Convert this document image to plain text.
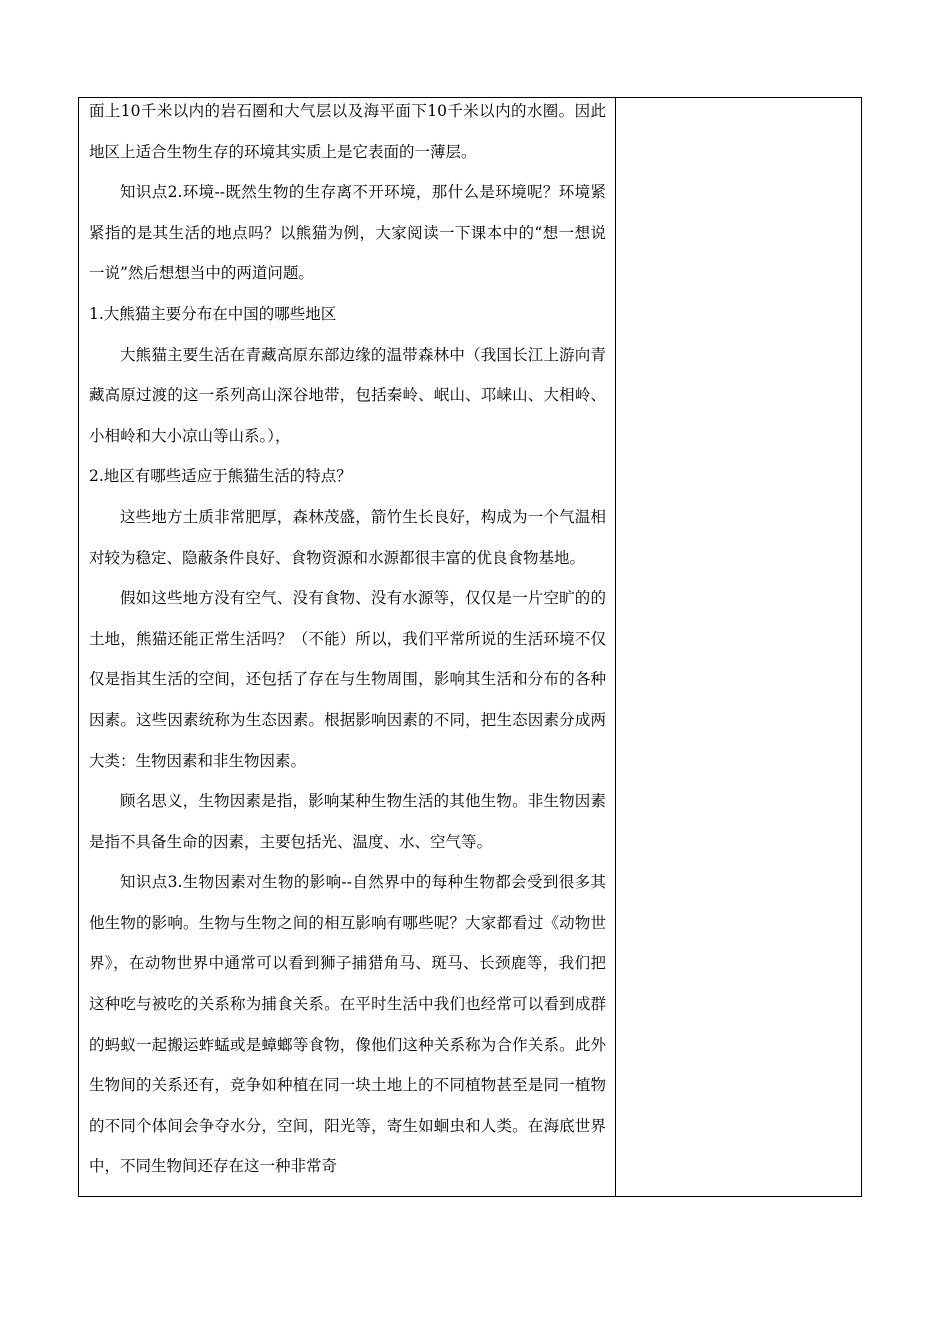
面上10千米以内的岩石圈和大气层以及海平面下10千米以内的水圈。因此地区上适合生物生存的环境其实质上是它表面的一薄层。

知识点2.环境--既然生物的生存离不开环境，那什么是环境呢？环境紧紧指的是其生活的地点吗？以熊猫为例，大家阅读一下课本中的“想一想说一说”然后想想当中的两道问题。

1.大熊猫主要分布在中国的哪些地区

大熊猫主要生活在青藏高原东部边缘的温带森林中（我国长江上游向青藏高原过渡的这一系列高山深谷地带，包括秦岭、岷山、邛崃山、大相岭、小相岭和大小凉山等山系。），

2.地区有哪些适应于熊猫生活的特点？

这些地方土质非常肥厚，森林茂盛，箭竹生长良好，构成为一个气温相对较为稳定、隐蔽条件良好、食物资源和水源都很丰富的优良食物基地。

假如这些地方没有空气、没有食物、没有水源等，仅仅是一片空旷的的土地，熊猫还能正常生活吗？（不能）所以，我们平常所说的生活环境不仅仅是指其生活的空间，还包括了存在与生物周围，影响其生活和分布的各种因素。这些因素统称为生态因素。根据影响因素的不同，把生态因素分成两大类：生物因素和非生物因素。

顾名思义，生物因素是指，影响某种生物生活的其他生物。非生物因素是指不具备生命的因素，主要包括光、温度、水、空气等。

知识点3.生物因素对生物的影响--自然界中的每种生物都会受到很多其他生物的影响。生物与生物之间的相互影响有哪些呢？大家都看过《动物世界》，在动物世界中通常可以看到狮子捕猎角马、斑马、长颈鹿等，我们把这种吃与被吃的关系称为捕食关系。在平时生活中我们也经常可以看到成群的蚂蚁一起搬运蚱蜢或是蟑螂等食物，像他们这种关系称为合作关系。此外生物间的关系还有，竞争如种植在同一块土地上的不同植物甚至是同一植物的不同个体间会争夺水分，空间，阳光等，寄生如蛔虫和人类。在海底世界中，不同生物间还存在这一种非常奇
